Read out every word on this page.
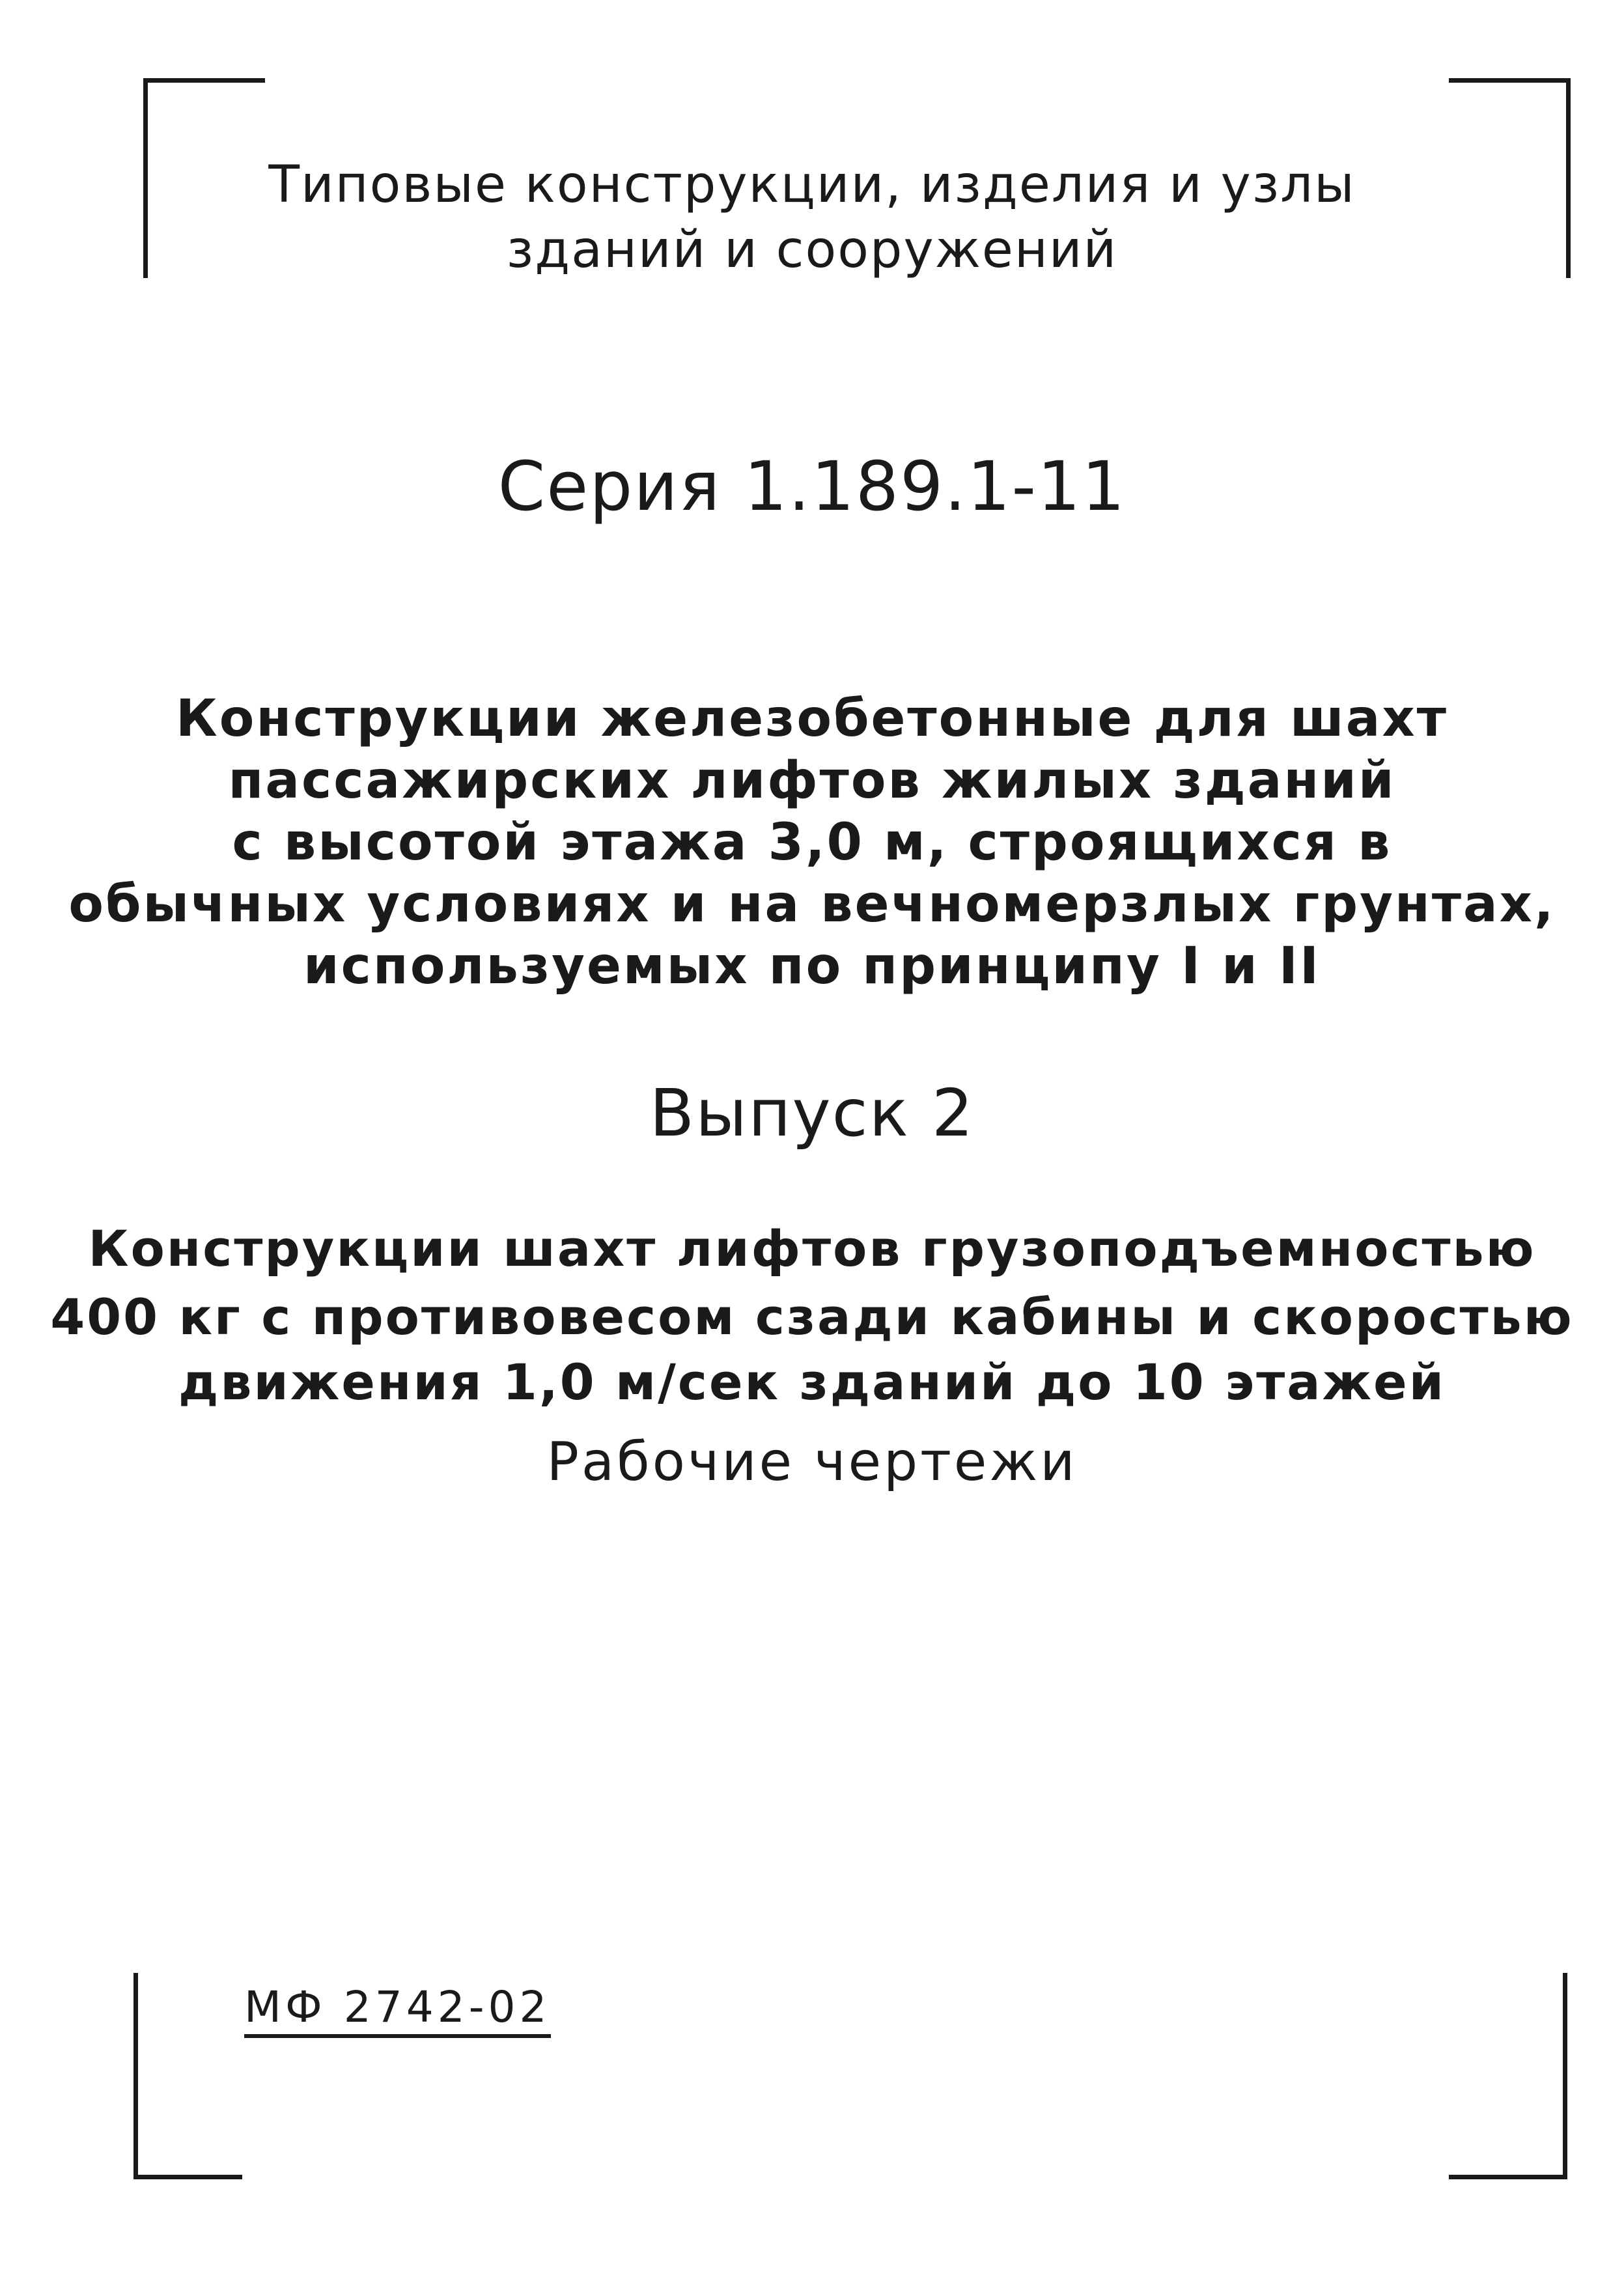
Типовые конструкции, изделия и узлы
зданий и сооружений
Серия 1.189.1-11
Конструкции железобетонные для шахт
пассажирских лифтов жилых зданий
с высотой этажа 3,0 м, строящихся в
обычных условиях и на вечномерзлых грунтах,
используемых по принципу I и II
Выпуск 2
Конструкции шахт лифтов грузоподъемностью
400 кг с противовесом сзади кабины и скоростью
движения 1,0 м/сек зданий до 10 этажей
Рабочие чертежи
МФ 2742-02
